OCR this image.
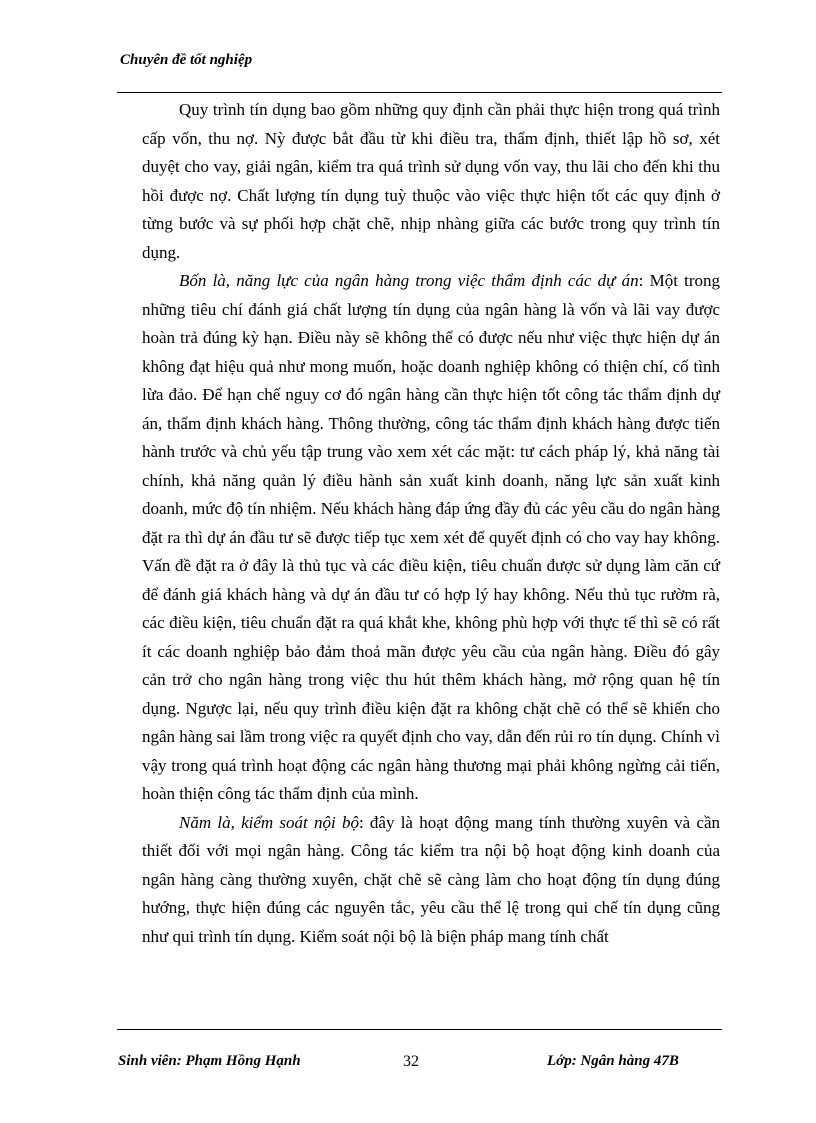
Chuyên đề tốt nghiệp

Quy trình tín dụng bao gồm những quy định cần phải thực hiện trong quá trình cấp vốn, thu nợ. Nỳ được bắt đầu từ khi điều tra, thẩm định, thiết lập hồ sơ, xét duyệt cho vay, giải ngân, kiểm tra quá trình sử dụng vốn vay, thu lãi cho đến khi thu hồi được nợ. Chất lượng tín dụng tuỳ thuộc vào việc thực hiện tốt các quy định ở từng bước và sự phối hợp chặt chẽ, nhịp nhàng giữa các bước trong quy trình tín dụng.

Bốn là, năng lực của ngân hàng trong việc thẩm định các dự án: Một trong những tiêu chí đánh giá chất lượng tín dụng của ngân hàng là vốn và lãi vay được hoàn trả đúng kỳ hạn. Điều này sẽ không thể có được nếu như việc thực hiện dự án không đạt hiệu quả như mong muốn, hoặc doanh nghiệp không có thiện chí, cố tình lừa đảo. Để hạn chế nguy cơ đó ngân hàng cần thực hiện tốt công tác thẩm định dự án, thẩm định khách hàng. Thông thường, công tác thẩm định khách hàng được tiến hành trước và chủ yếu tập trung vào xem xét các mặt: tư cách pháp lý, khả năng tài chính, khả năng quản lý điều hành sản xuất kinh doanh, năng lực sản xuất kinh doanh, mức độ tín nhiệm. Nếu khách hàng đáp ứng đầy đủ các yêu cầu do ngân hàng đặt ra thì dự án đầu tư sẽ được tiếp tục xem xét để quyết định có cho vay hay không. Vấn đề đặt ra ở đây là thủ tục và các điều kiện, tiêu chuẩn được sử dụng làm căn cứ để đánh giá khách hàng và dự án đầu tư có hợp lý hay không. Nếu thủ tục rườm rà, các điều kiện, tiêu chuẩn đặt ra quá khắt khe, không phù hợp với thực tế thì sẽ có rất ít các doanh nghiệp bảo đảm thoả mãn được yêu cầu của ngân hàng. Điều đó gây cản trở cho ngân hàng trong việc thu hút thêm khách hàng, mở rộng quan hệ tín dụng. Ngược lại, nếu quy trình điều kiện đặt ra không chặt chẽ có thể sẽ khiến cho ngân hàng sai lầm trong việc ra quyết định cho vay, dẫn đến rủi ro tín dụng. Chính vì vậy trong quá trình hoạt động các ngân hàng thương mại phải không ngừng cải tiến, hoàn thiện công tác thẩm định của mình.

Năm là, kiểm soát nội bộ: đây là hoạt động mang tính thường xuyên và cần thiết đối với mọi ngân hàng. Công tác kiểm tra nội bộ hoạt động kinh doanh của ngân hàng càng thường xuyên, chặt chẽ sẽ càng làm cho hoạt động tín dụng đúng hướng, thực hiện đúng các nguyên tắc, yêu cầu thể lệ trong qui chế tín dụng cũng như qui trình tín dụng. Kiểm soát nội bộ là biện pháp mang tính chất

Sinh viên: Phạm Hồng Hạnh	32	Lớp: Ngân hàng 47B
